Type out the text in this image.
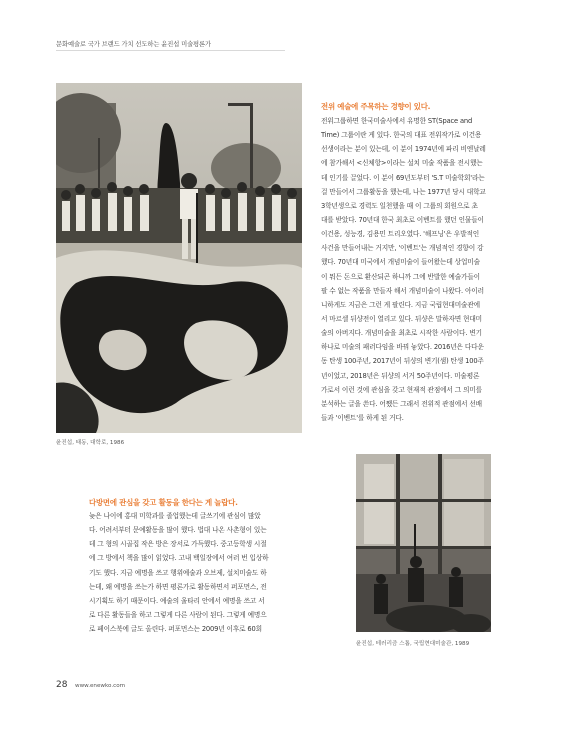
문화예술로 국가 브랜드 가치 선도하는 윤진섭 미술평론가
윤진섭, 태동, 대학로, 1986
전위 예술에 주목하는 경향이 있다.

전위그룹하면 한국미술사에서 유명한 ST(Space and
Time) 그룹이란 게 있다. 한국의 대표 전위작가로 이건용
선생이라는 분이 있는데, 이 분이 1974년에 파리 비엔날레
에 참가해서 <신체항>이라는 설치 미술 작품을 전시했는
데 인기를 끌었다. 이 분이 69년도부터 'S.T 미술학회'라는
걸 만들어서 그룹활동을 했는데, 나는 1977년 당시 대학교
3학년생으로 경력도 일천했을 때 이 그룹의 회원으로 초
대를 받았다. 70년대 한국 최초로 이벤트를 했던 인물들이
이건용, 성능경, 김용민 트리오였다. '해프닝'은 우발적인
사건을 만들어내는 거지만, '이벤트'는 개념적인 경향이 강
했다. 70년대 미국에서 개념미술이 들어왔는데 상업미술
이 뭐든 돈으로 환산되곤 하니까 그에 반발한 예술가들이
팔 수 없는 작품을 만들자 해서 개념미술이 나왔다. 아이러
니하게도 지금은 그런 게 팔린다. 지금 국립현대미술관에
서 마르셀 뒤샹전이 열리고 있다. 뒤샹은 말하자면 현대미
술의 아버지다. 개념미술을 최초로 시작한 사람이다. 변기
하나로 미술의 패러다임을 바꿔 놓았다. 2016년은 다다운
동 탄생 100주년, 2017년이 뒤샹의 변기(샘) 탄생 100주
년이었고, 2018년은 뒤샹의 서거 50주년이다. 미술평론
가로서 이런 것에 관심을 갖고 현재적 관점에서 그 의미를
분석하는 글을 쓴다. 어쨌든 그래서 전위적 관점에서 선배
들과 '이벤트'를 하게 된 거다.

다방면에 관심을 갖고 활동을 한다는 게 놀랍다.

늦은 나이에 홍대 미학과를 졸업했는데 글쓰기에 관심이 많았
다. 어려서부터 문예활동을 많이 했다. 법대 나온 사촌형이 있는
데 그 형의 시골집 작은 방은 장서로 가득했다. 중고등학생 시절
에 그 방에서 책을 많이 읽었다. 고내 백일장에서 여러 번 입상하
기도 했다. 지금 예명을 쓰고 행위예술과 오브제, 설치미술도 하
는데, 왜 예명을 쓰는가 하면 평론가로 활동하면서 퍼포먼스, 전
시기획도 하기 때문이다. 예술의 울타리 안에서 예명을 쓰고 서
로 다른 활동들을 하고 그렇게 다른 사람이 된다. 그렇게 예명으
로 페이스북에 글도 올린다. 퍼포먼스는 2009년 이후로 60회

윤진섭, 테러리즘 스톱, 국립현대미술관, 1989
28 www.enewko.com
